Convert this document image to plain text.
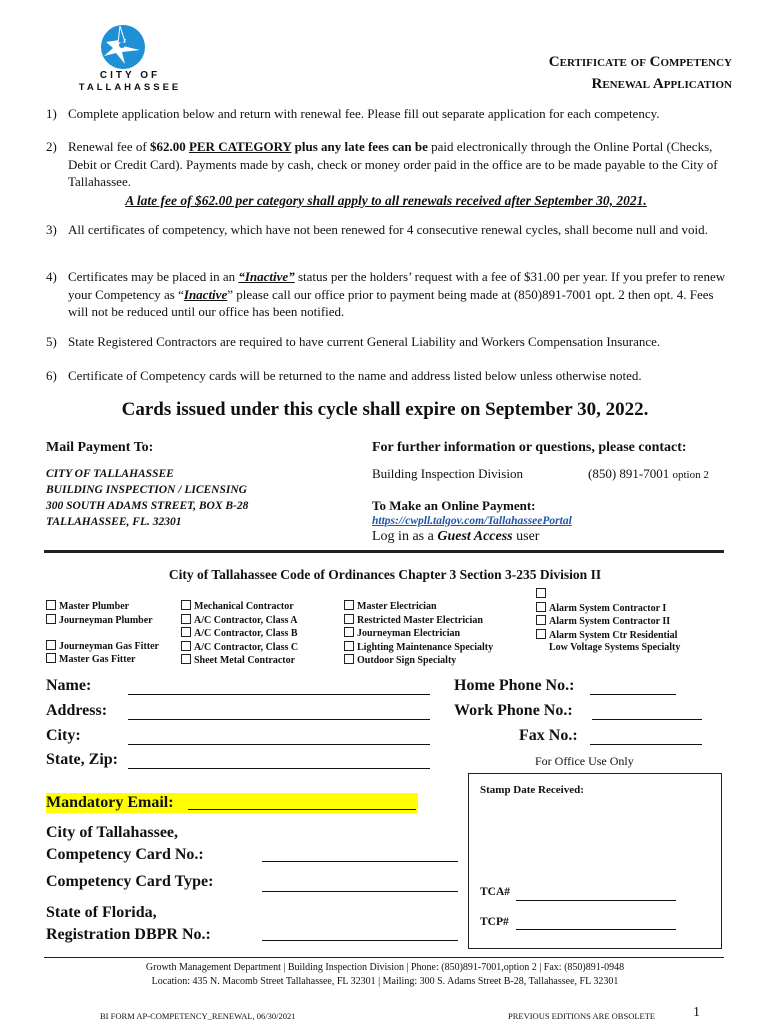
CITY OF
TALLAHASSEE
Certificate of Competency
Renewal Application
1) Complete application below and return with renewal fee. Please fill out separate application for each competency.
2) Renewal fee of $62.00 PER CATEGORY plus any late fees can be paid electronically through the Online Portal (Checks, Debit or Credit Card). Payments made by cash, check or money order paid in the office are to be made payable to the City of Tallahassee.
A late fee of $62.00 per category shall apply to all renewals received after September 30, 2021.
3) All certificates of competency, which have not been renewed for 4 consecutive renewal cycles, shall become null and void.
4) Certificates may be placed in an “Inactive” status per the holders’ request with a fee of $31.00 per year. If you prefer to renew your Competency as “Inactive” please call our office prior to payment being made at (850)891-7001 opt. 2 then opt. 4. Fees will not be reduced until our office has been notified.
5) State Registered Contractors are required to have current General Liability and Workers Compensation Insurance.
6) Certificate of Competency cards will be returned to the name and address listed below unless otherwise noted.
Cards issued under this cycle shall expire on September 30, 2022.
Mail Payment To:	For further information or questions, please contact:
CITY OF TALLAHASSEE
BUILDING INSPECTION / LICENSING
300 SOUTH ADAMS STREET, BOX B-28
TALLAHASSEE, FL. 32301
Building Inspection Division	(850) 891-7001 option 2
To Make an Online Payment:
https://cwpll.talgov.com/TallahasseePortal
Log in as a Guest Access user
City of Tallahassee Code of Ordinances Chapter 3 Section 3-235 Division II
Master Plumber
Journeyman Plumber
Journeyman Gas Fitter
Master Gas Fitter
Mechanical Contractor
A/C Contractor, Class A
A/C Contractor, Class B
A/C Contractor, Class C
Sheet Metal Contractor
Master Electrician
Restricted Master Electrician
Journeyman Electrician
Lighting Maintenance Specialty
Outdoor Sign Specialty
Alarm System Contractor I
Alarm System Contractor II
Alarm System Ctr Residential
Low Voltage Systems Specialty
Name:
Address:
City:
State, Zip:
Home Phone No.:
Work Phone No.:
Fax No.:
For Office Use Only
Mandatory Email:
City of Tallahassee,
Competency Card No.:
Competency Card Type:
State of Florida,
Registration DBPR No.:
Stamp Date Received:
TCA#
TCP#
Growth Management Department | Building Inspection Division | Phone: (850)891-7001,option 2 | Fax: (850)891-0948
Location: 435 N. Macomb Street Tallahassee, FL 32301 | Mailing: 300 S. Adams Street B-28, Tallahassee, FL 32301
BI FORM AP-COMPETENCY_RENEWAL, 06/30/2021	PREVIOUS EDITIONS ARE OBSOLETE	1
